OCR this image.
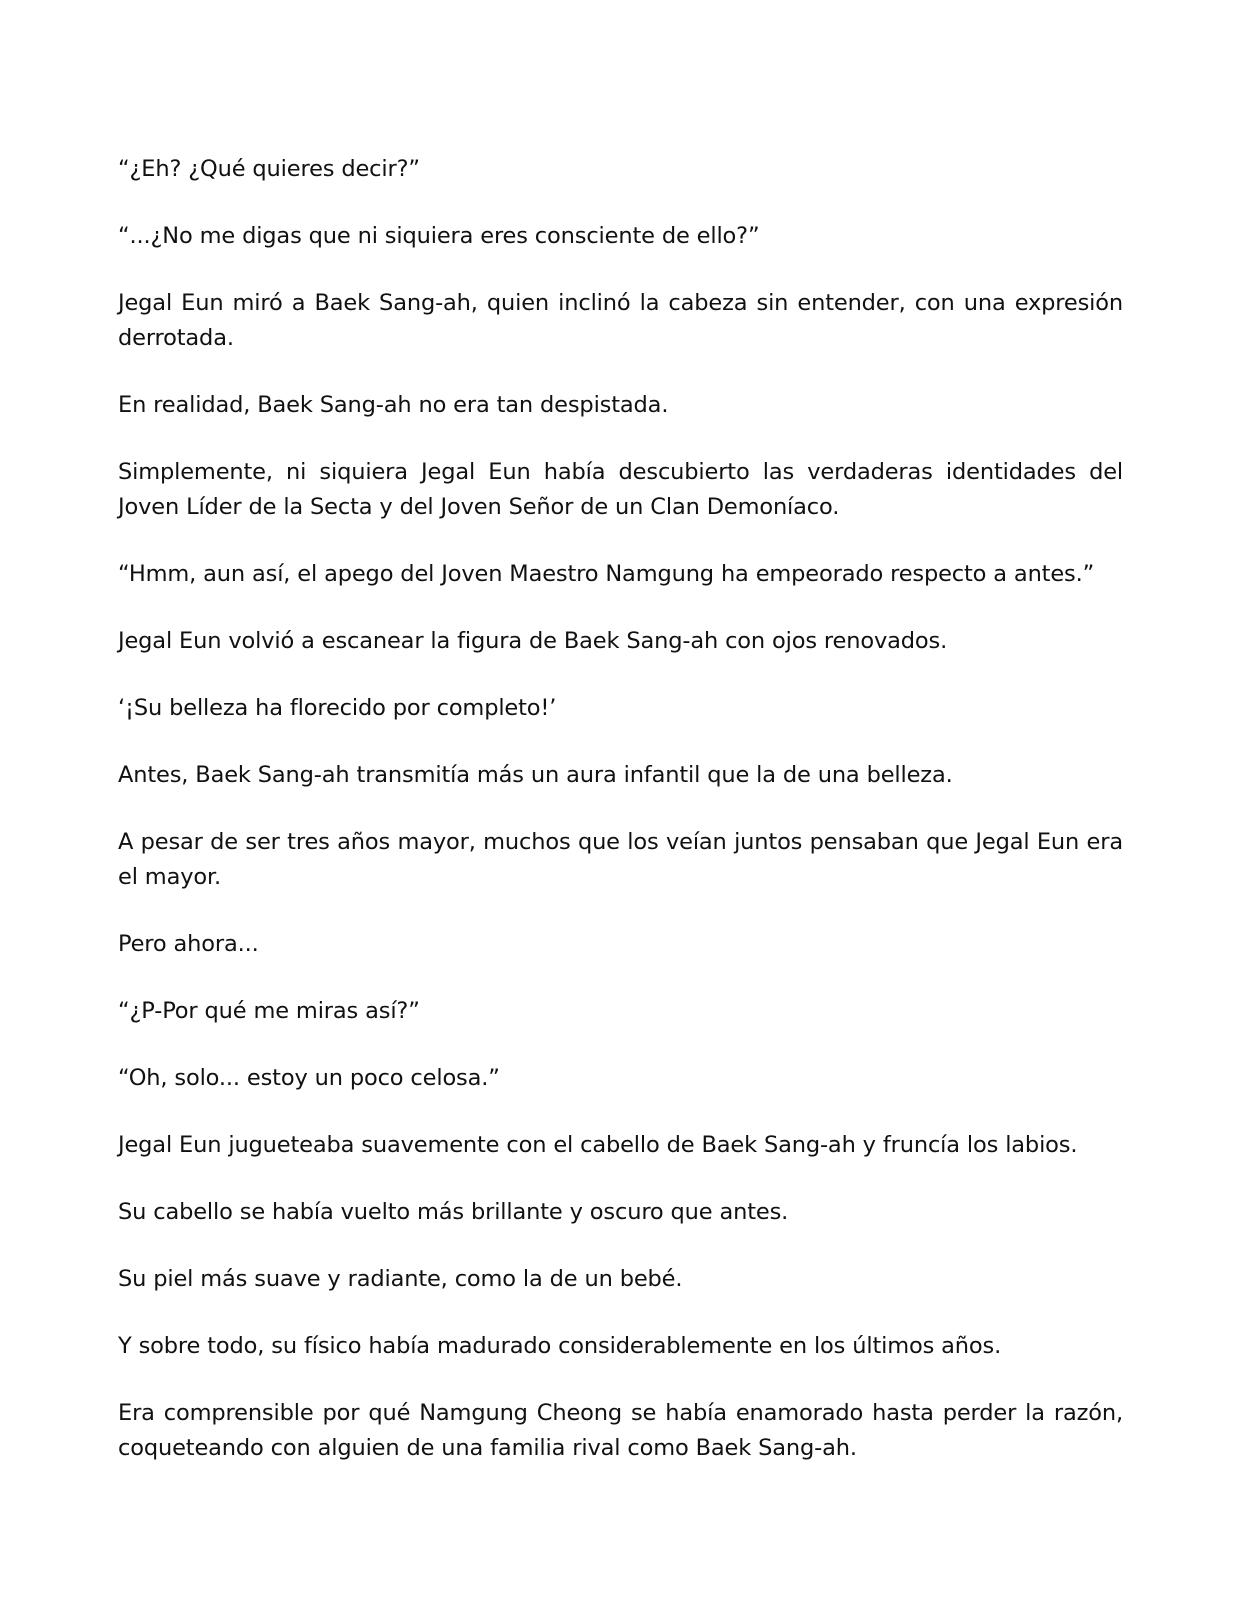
“¿Eh? ¿Qué quieres decir?”

“...¿No me digas que ni siquiera eres consciente de ello?”

Jegal Eun miró a Baek Sang-ah, quien inclinó la cabeza sin entender, con una expresión derrotada.

En realidad, Baek Sang-ah no era tan despistada.

Simplemente, ni siquiera Jegal Eun había descubierto las verdaderas identidades del Joven Líder de la Secta y del Joven Señor de un Clan Demoníaco.

“Hmm, aun así, el apego del Joven Maestro Namgung ha empeorado respecto a antes.”

Jegal Eun volvió a escanear la figura de Baek Sang-ah con ojos renovados.

‘¡Su belleza ha florecido por completo!’

Antes, Baek Sang-ah transmitía más un aura infantil que la de una belleza.

A pesar de ser tres años mayor, muchos que los veían juntos pensaban que Jegal Eun era el mayor.

Pero ahora...

“¿P-Por qué me miras así?”

“Oh, solo... estoy un poco celosa.”

Jegal Eun jugueteaba suavemente con el cabello de Baek Sang-ah y fruncía los labios.

Su cabello se había vuelto más brillante y oscuro que antes.

Su piel más suave y radiante, como la de un bebé.

Y sobre todo, su físico había madurado considerablemente en los últimos años.

Era comprensible por qué Namgung Cheong se había enamorado hasta perder la razón, coqueteando con alguien de una familia rival como Baek Sang-ah.
